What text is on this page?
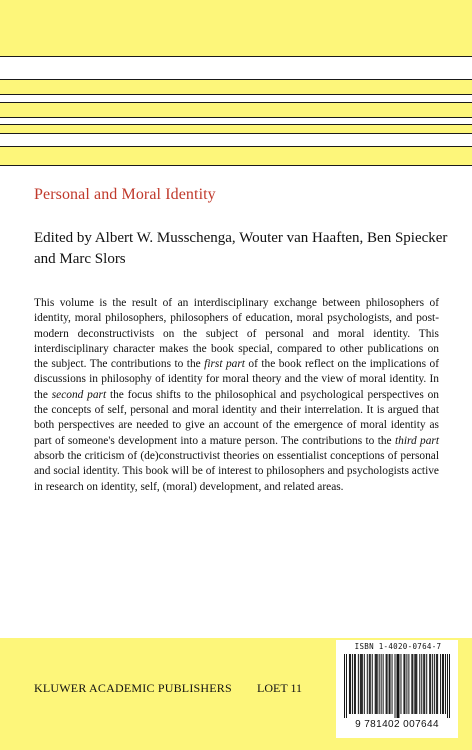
Personal and Moral Identity
Edited by Albert W. Musschenga, Wouter van Haaften, Ben Spiecker and Marc Slors
This volume is the result of an interdisciplinary exchange between philosophers of identity, moral philosophers, philosophers of education, moral psychologists, and post-modern deconstructivists on the subject of personal and moral identity. This interdisciplinary character makes the book special, compared to other publications on the subject. The contributions to the first part of the book reflect on the implications of discussions in philosophy of identity for moral theory and the view of moral identity. In the second part the focus shifts to the philosophical and psychological perspectives on the concepts of self, personal and moral identity and their interrelation. It is argued that both perspectives are needed to give an account of the emergence of moral identity as part of someone's development into a mature person. The contributions to the third part absorb the criticism of (de)constructivist theories on essentialist conceptions of personal and social identity. This book will be of interest to philosophers and psychologists active in research on identity, self, (moral) development, and related areas.
KLUWER ACADEMIC PUBLISHERS LOET 11
ISBN 1-4020-0764-7
9 781402 007644
